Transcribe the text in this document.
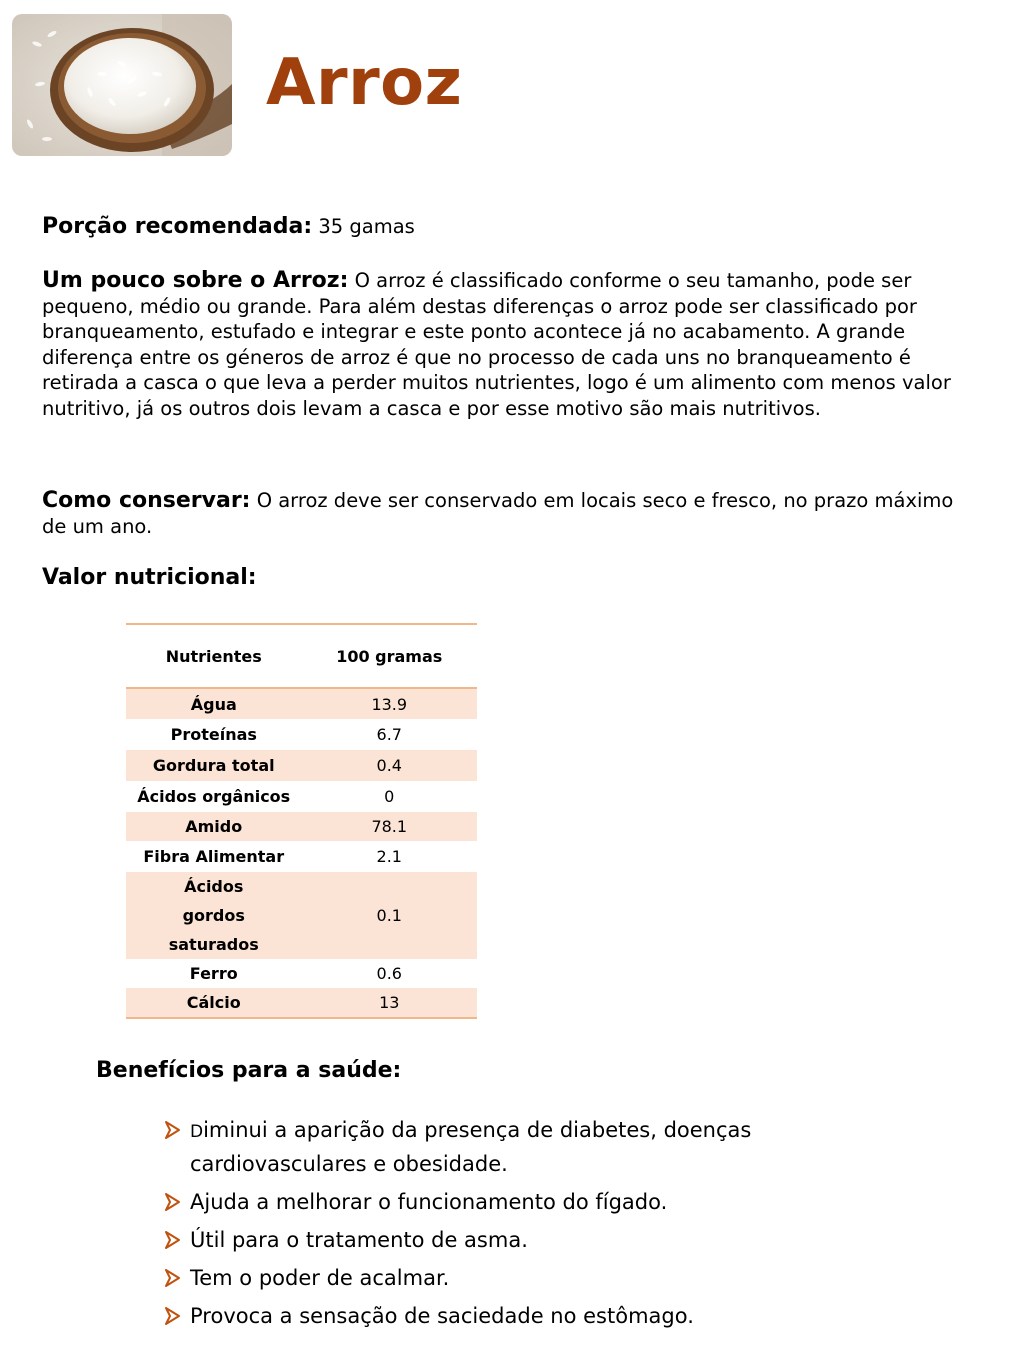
Arroz
Porção recomendada: 35 gamas
Um pouco sobre o Arroz: O arroz é classificado conforme o seu tamanho, pode ser pequeno, médio ou grande. Para além destas diferenças o arroz pode ser classificado por branqueamento, estufado e integrar e este ponto acontece já no acabamento. A grande diferença entre os géneros de arroz é que no processo de cada uns no branqueamento é retirada a casca o que leva a perder muitos nutrientes, logo é um alimento com menos valor nutritivo, já os outros dois levam a casca e por esse motivo são mais nutritivos.
Como conservar: O arroz deve ser conservado em locais seco e fresco, no prazo máximo de um ano.
Valor nutricional:
Nutrientes	100 gramas
Água	13.9
Proteínas	6.7
Gordura total	0.4
Ácidos orgânicos	0
Amido	78.1
Fibra Alimentar	2.1
Ácidos gordos saturados	0.1
Ferro	0.6
Cálcio	13
Benefícios para a saúde:
Diminui a aparição da presença de diabetes, doenças cardiovasculares e obesidade.
Ajuda a melhorar o funcionamento do fígado.
Útil para o tratamento de asma.
Tem o poder de acalmar.
Provoca a sensação de saciedade no estômago.
